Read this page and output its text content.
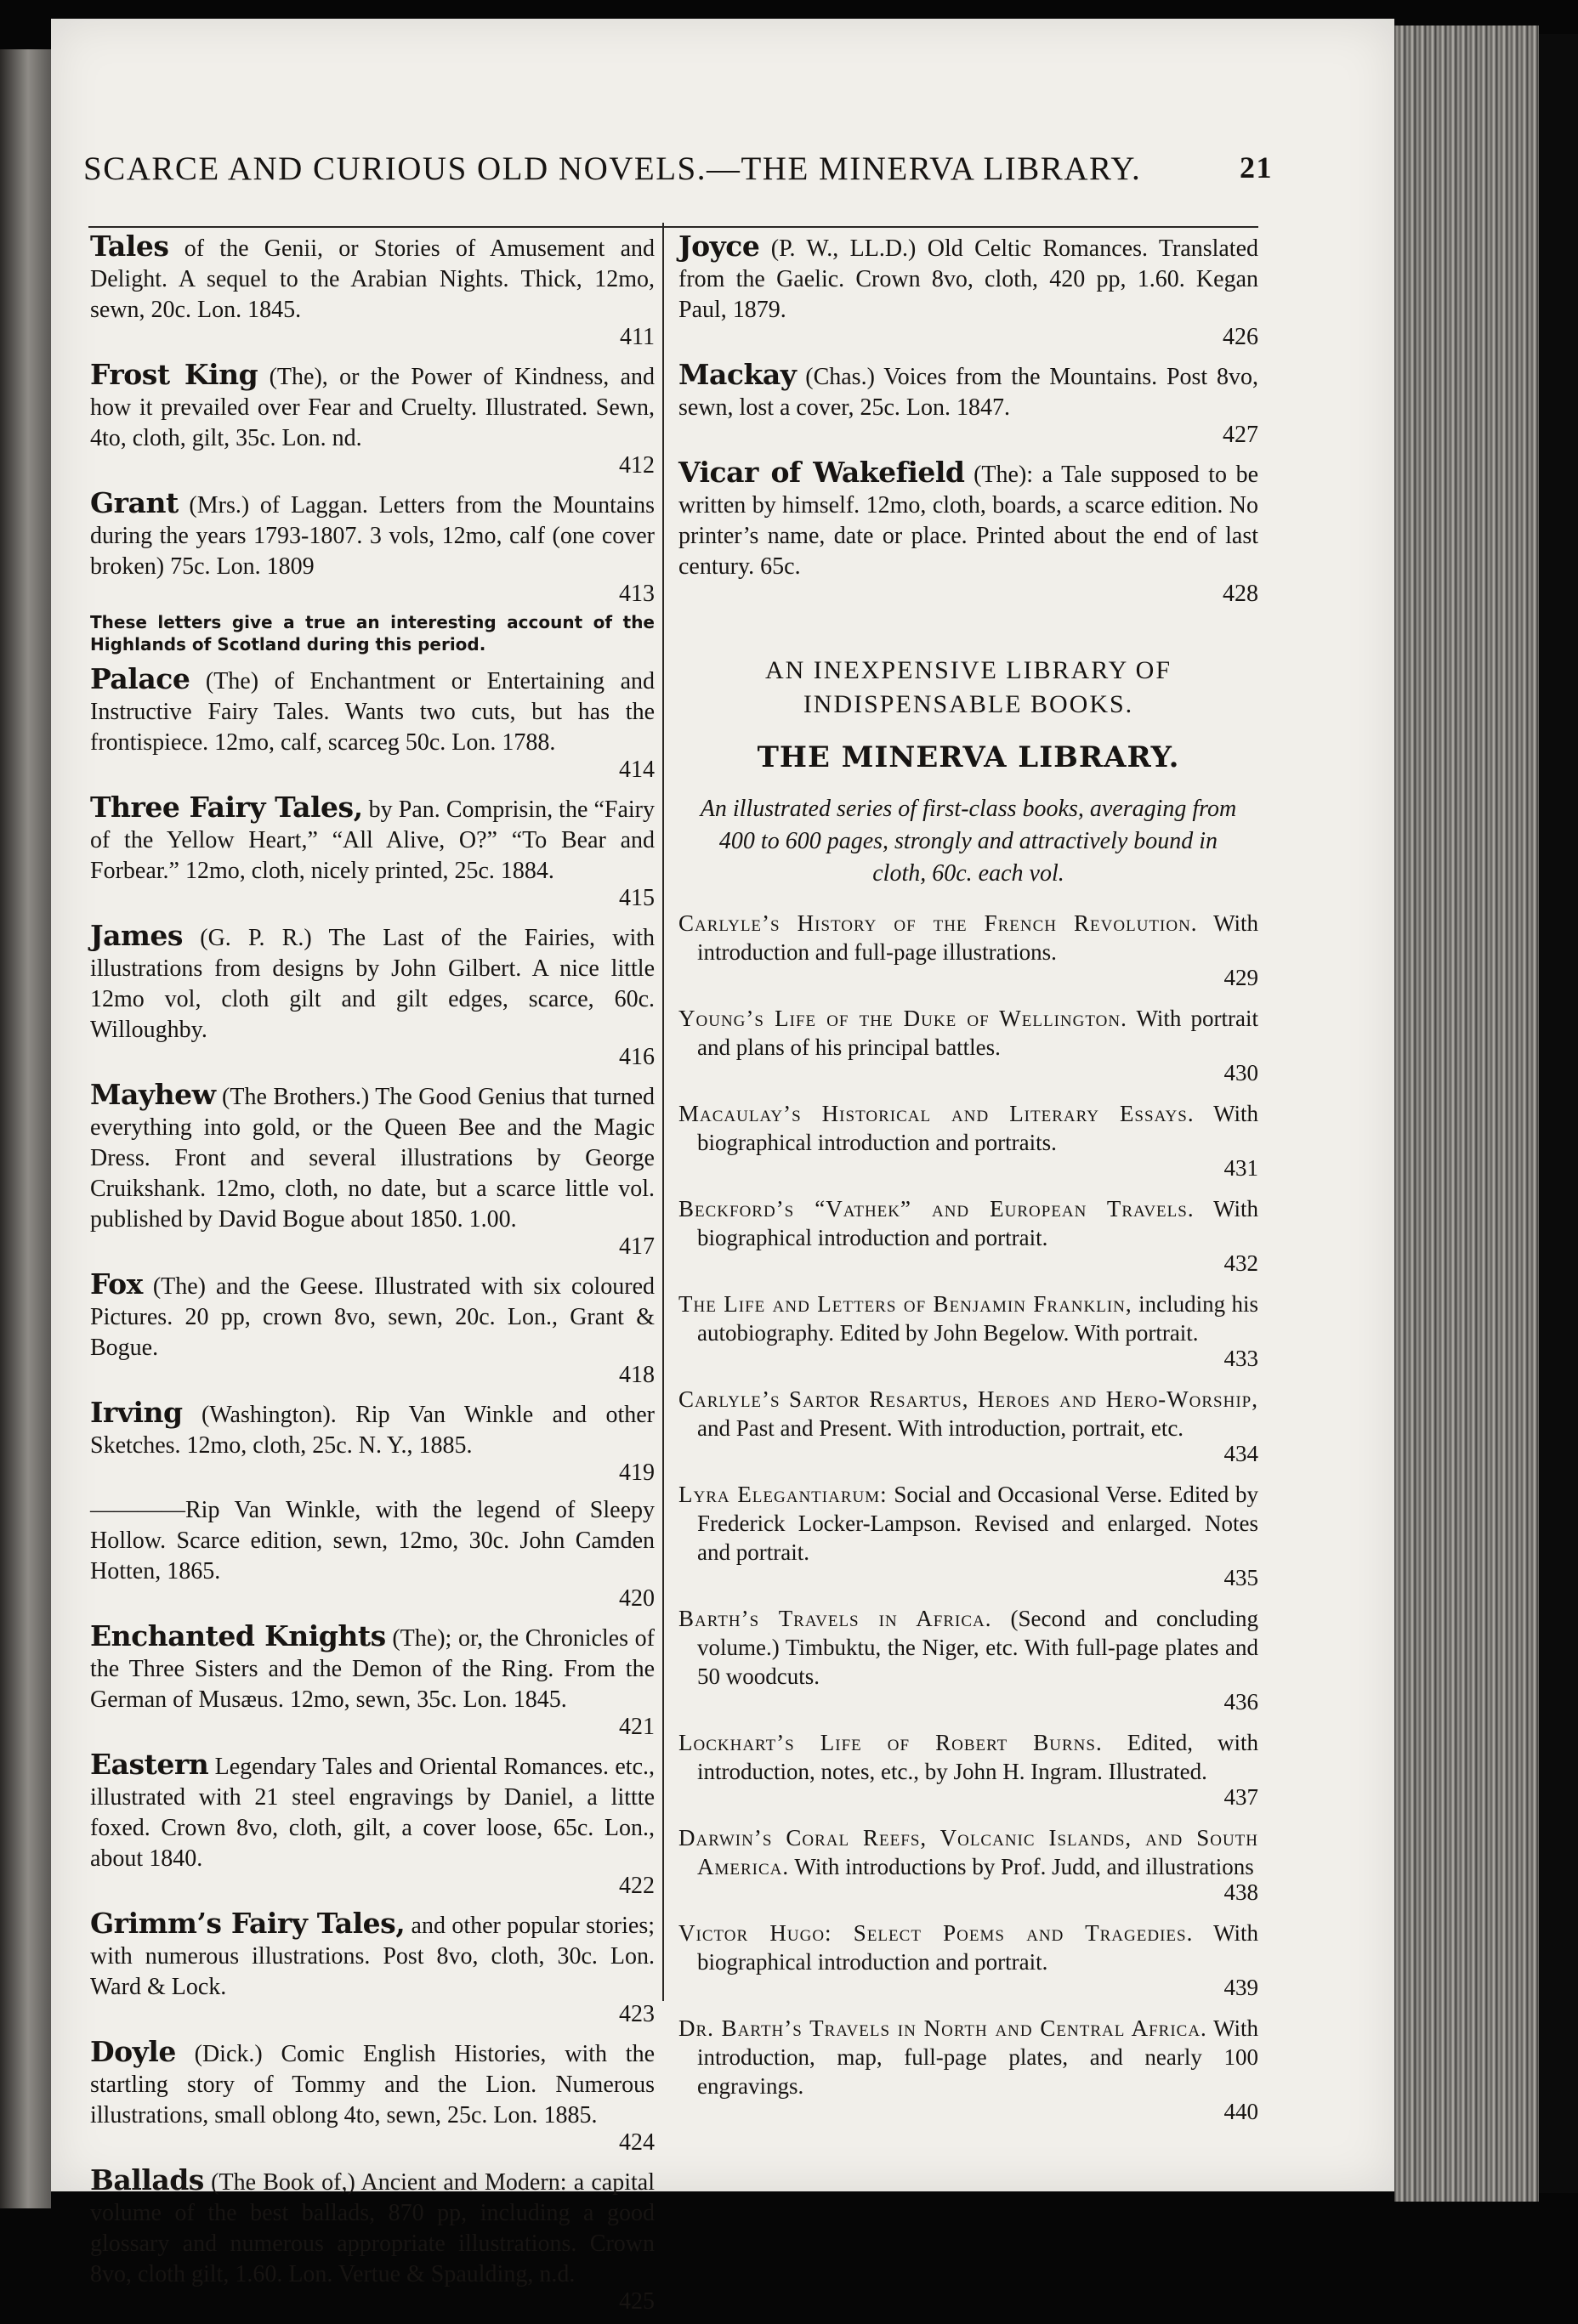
SCARCE AND CURIOUS OLD NOVELS.—THE MINERVA LIBRARY.	21
Tales of the Genii, or Stories of Amusement and Delight. A sequel to the Arabian Nights. Thick, 12mo, sewn, 20c. Lon. 1845.
411
Frost King (The), or the Power of Kindness, and how it prevailed over Fear and Cruelty. Illustrated. Sewn, 4to, cloth, gilt, 35c. Lon. nd.
412
Grant (Mrs.) of Laggan. Letters from the Mountains during the years 1793-1807. 3 vols, 12mo, calf (one cover broken) 75c. Lon. 1809
413
These letters give a true an interesting account of the Highlands of Scotland during this period.
Palace (The) of Enchantment or Entertaining and Instructive Fairy Tales. Wants two cuts, but has the frontispiece. 12mo, calf, scarceg 50c. Lon. 1788.
414
Three Fairy Tales, by Pan. Comprisin, the “Fairy of the Yellow Heart,” “All Alive, O?” “To Bear and Forbear.” 12mo, cloth, nicely printed, 25c. 1884.
415
James (G. P. R.) The Last of the Fairies, with illustrations from designs by John Gilbert. A nice little 12mo vol, cloth gilt and gilt edges, scarce, 60c. Willoughby.
416
Mayhew (The Brothers.) The Good Genius that turned everything into gold, or the Queen Bee and the Magic Dress. Front and several illustrations by George Cruikshank. 12mo, cloth, no date, but a scarce little vol. published by David Bogue about 1850. 1.00.
417
Fox (The) and the Geese. Illustrated with six coloured Pictures. 20 pp, crown 8vo, sewn, 20c. Lon., Grant & Bogue.
418
Irving (Washington). Rip Van Winkle and other Sketches. 12mo, cloth, 25c. N. Y., 1885.
419
————Rip Van Winkle, with the legend of Sleepy Hollow. Scarce edition, sewn, 12mo, 30c. John Camden Hotten, 1865.
420
Enchanted Knights (The); or, the Chronicles of the Three Sisters and the Demon of the Ring. From the German of Musæus. 12mo, sewn, 35c. Lon. 1845.
421
Eastern Legendary Tales and Oriental Romances. etc., illustrated with 21 steel engravings by Daniel, a littte foxed. Crown 8vo, cloth, gilt, a cover loose, 65c. Lon., about 1840.
422
Grimm’s Fairy Tales, and other popular stories; with numerous illustrations. Post 8vo, cloth, 30c. Lon. Ward & Lock.
423
Doyle (Dick.) Comic English Histories, with the startling story of Tommy and the Lion. Numerous illustrations, small oblong 4to, sewn, 25c. Lon. 1885.
424
Ballads (The Book of,) Ancient and Modern: a capital volume of the best ballads, 870 pp, including a good glossary and numerous appropriate illustrations. Crown 8vo, cloth gilt, 1.60. Lon. Vertue & Spaulding, n.d.
425
Joyce (P. W., LL.D.) Old Celtic Romances. Translated from the Gaelic. Crown 8vo, cloth, 420 pp, 1.60. Kegan Paul, 1879.
426
Mackay (Chas.) Voices from the Mountains. Post 8vo, sewn, lost a cover, 25c. Lon. 1847.
427
Vicar of Wakefield (The): a Tale supposed to be written by himself. 12mo, cloth, boards, a scarce edition. No printer’s name, date or place. Printed about the end of last century. 65c.
428
AN INEXPENSIVE LIBRARY OF INDISPENSABLE BOOKS.
THE MINERVA LIBRARY.
An illustrated series of first-class books, averaging from 400 to 600 pages, strongly and attractively bound in cloth, 60c. each vol.
Carlyle’s History of the French Revolution. With introduction and full-page illustrations.
429
Young’s Life of the Duke of Wellington. With portrait and plans of his principal battles.
430
Macaulay’s Historical and Literary Essays. With biographical introduction and portraits.
431
Beckford’s “Vathek” and European Travels. With biographical introduction and portrait.
432
The Life and Letters of Benjamin Franklin, including his autobiography. Edited by John Begelow. With portrait.
433
Carlyle’s Sartor Resartus, Heroes and Hero-Worship, and Past and Present. With introduction, portrait, etc.
434
Lyra Elegantiarum: Social and Occasional Verse. Edited by Frederick Locker-Lampson. Revised and enlarged. Notes and portrait.
435
Barth’s Travels in Africa. (Second and concluding volume.) Timbuktu, the Niger, etc. With full-page plates and 50 woodcuts.
436
Lockhart’s Life of Robert Burns. Edited, with introduction, notes, etc., by John H. Ingram. Illustrated.
437
Darwin’s Coral Reefs, Volcanic Islands, and South America. With introductions by Prof. Judd, and illustrations
438
Victor Hugo: Select Poems and Tragedies. With biographical introduction and portrait.
439
Dr. Barth’s Travels in North and Central Africa. With introduction, map, full-page plates, and nearly 100 engravings.
440
